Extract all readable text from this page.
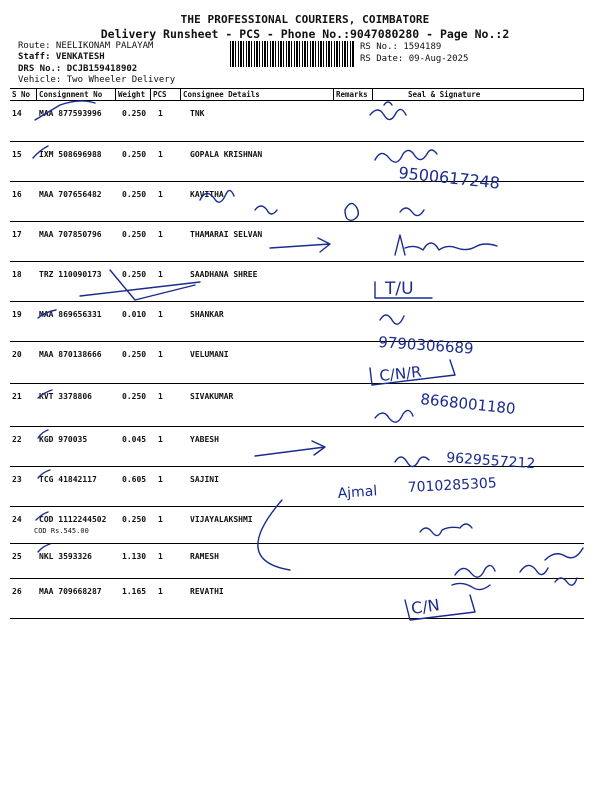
THE PROFESSIONAL COURIERS, COIMBATORE
Delivery Runsheet - PCS - Phone No.:9047080280 - Page No.:2
Route: NEELIKONAM PALAYAM
Staff: VENKATESH
DRS No.: DCJB159418902
Vehicle: Two Wheeler Delivery
RS No.: 1594189
RS Date: 09-Aug-2025
S No Consignment No Weight PCS Consignee Details	Remarks	Seal & Signature
14 MAA 877593996	0.250 1	TNK
15 IXM 508696988	0.250 1	GOPALA KRISHNAN
16 MAA 707656482	0.250 1	KAVITHA
17 MAA 707850796	0.250 1	THAMARAI SELVAN
18 TRZ 110090173	0.250 1	SAADHANA SHREE
19 MAA 869656331	0.010 1	SHANKAR
20 MAA 870138666	0.250 1	VELUMANI
21 KVT 3378806	0.250 1	SIVAKUMAR
22 KGD 970035	0.045 1	YABESH
23 TCG 41842117	0.605 1	SAJINI
24 COD 1112244502 0.250 1	VIJAYALAKSHMI
COD Rs.545.00
25 NKL 3593326	1.130 1	RAMESH
26 MAA 709668287	1.165 1	REVATHI
9500617248
T/U
9790306689
C/N/R
8668001180
9629557212
Ajmal 7010285305
C/N
